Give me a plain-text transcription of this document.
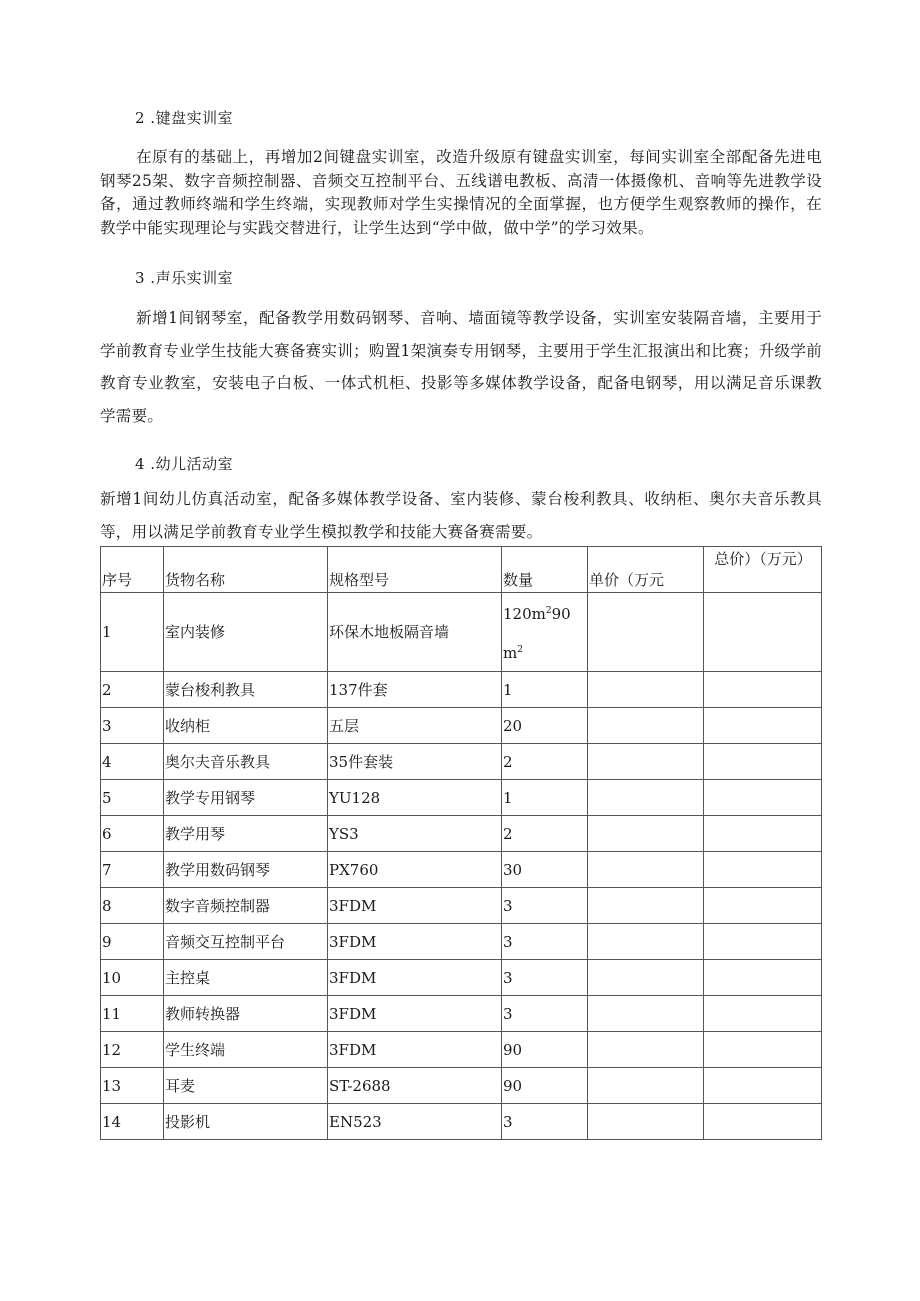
2 .键盘实训室
在原有的基础上，再增加2间键盘实训室，改造升级原有键盘实训室，每间实训室全部配备先进电钢琴25架、数字音频控制器、音频交互控制平台、五线谱电教板、高清一体摄像机、音响等先进教学设备，通过教师终端和学生终端，实现教师对学生实操情况的全面掌握，也方便学生观察教师的操作，在教学中能实现理论与实践交替进行，让学生达到“学中做，做中学”的学习效果。
3 .声乐实训室
新增1间钢琴室，配备教学用数码钢琴、音响、墙面镜等教学设备，实训室安装隔音墙，主要用于学前教育专业学生技能大赛备赛实训；购置1架演奏专用钢琴，主要用于学生汇报演出和比赛；升级学前教育专业教室，安装电子白板、一体式机柜、投影等多媒体教学设备，配备电钢琴，用以满足音乐课教学需要。
4 .幼儿活动室
新增1间幼儿仿真活动室，配备多媒体教学设备、室内装修、蒙台梭利教具、收纳柜、奥尔夫音乐教具等，用以满足学前教育专业学生模拟教学和技能大赛备赛需要。
序号	货物名称	规格型号	数量	单价（万元	总价）（万元）
1	室内装修	环保木地板隔音墙	$120m^290$
$m^2$		
2	蒙台梭利教具	137件套	1		
3	收纳柜	五层	20		
4	奥尔夫音乐教具	35件套装	2		
5	教学专用钢琴	YU128	1		
6	教学用琴	YS3	2		
7	教学用数码钢琴	PX760	30		
8	数字音频控制器	3FDM	3		
9	音频交互控制平台	3FDM	3		
10	主控桌	3FDM	3		
11	教师转换器	3FDM	3		
12	学生终端	3FDM	90		
13	耳麦	ST-2688	90		
14	投影机	EN523	3		
